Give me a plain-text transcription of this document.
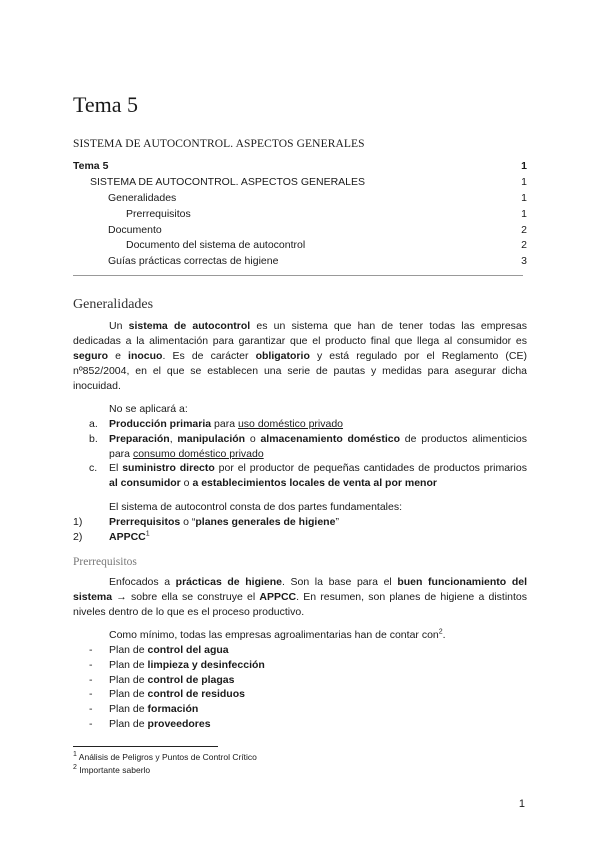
Tema 5
SISTEMA DE AUTOCONTROL. ASPECTOS GENERALES
Tema 5	1
SISTEMA DE AUTOCONTROL. ASPECTOS GENERALES	1
Generalidades	1
Prerrequisitos	1
Documento	2
Documento del sistema de autocontrol	2
Guías prácticas correctas de higiene	3
Generalidades

Un sistema de autocontrol es un sistema que han de tener todas las empresas dedicadas a la alimentación para garantizar que el producto final que llega al consumidor es seguro e inocuo. Es de carácter obligatorio y está regulado por el Reglamento (CE) nº852/2004, en el que se establecen una serie de pautas y medidas para asegurar dicha inocuidad.

No se aplicará a:
a. Producción primaria para uso doméstico privado
b. Preparación, manipulación o almacenamiento doméstico de productos alimenticios para consumo doméstico privado
c. El suministro directo por el productor de pequeñas cantidades de productos primarios al consumidor o a establecimientos locales de venta al por menor
El sistema de autocontrol consta de dos partes fundamentales:
1)	Prerrequisitos o “planes generales de higiene”
2)	APPCC$^1$
Prerrequisitos

Enfocados a prácticas de higiene. Son la base para el buen funcionamiento del sistema → sobre ella se construye el APPCC. En resumen, son planes de higiene a distintos niveles dentro de lo que es el proceso productivo.

Como mínimo, todas las empresas agroalimentarias han de contar con$^2$.
- Plan de control del agua
- Plan de limpieza y desinfección
- Plan de control de plagas
- Plan de control de residuos
- Plan de formación
- Plan de proveedores
$^1$ Análisis de Peligros y Puntos de Control Crítico
$^2$ Importante saberlo
1
